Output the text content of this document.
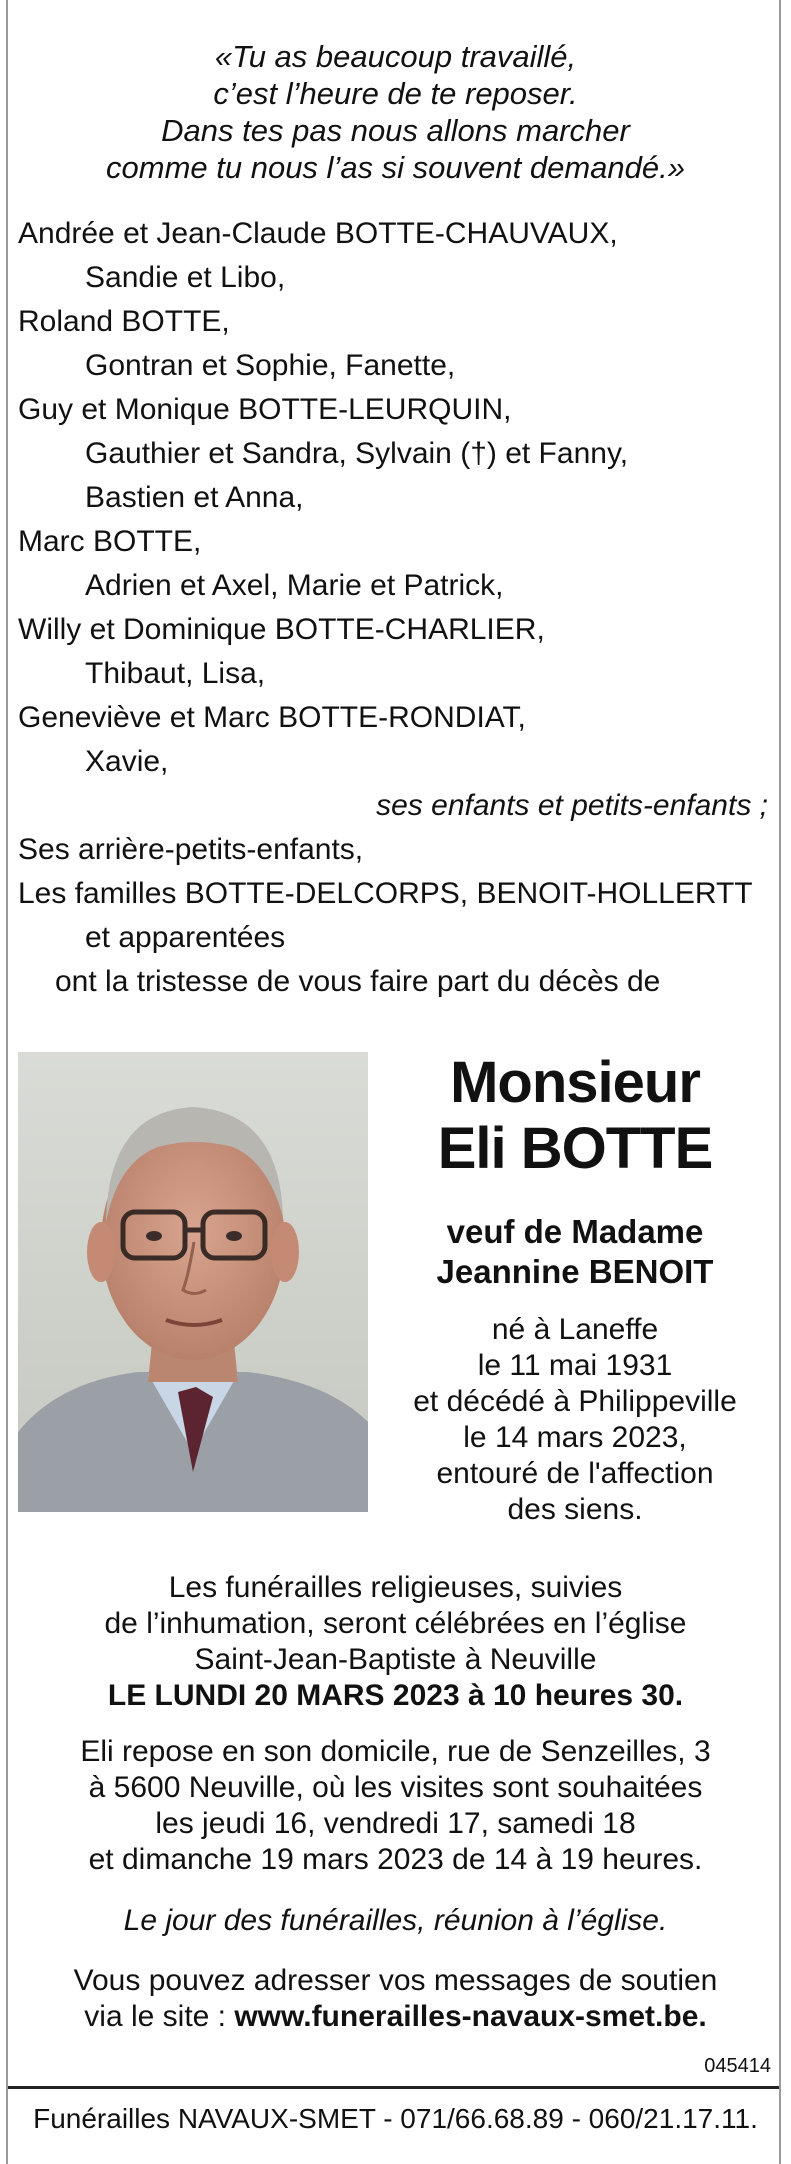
«Tu as beaucoup travaillé,
c’est l’heure de te reposer.
Dans tes pas nous allons marcher
comme tu nous l’as si souvent demandé.»
Andrée et Jean-Claude BOTTE-CHAUVAUX,
Sandie et Libo,
Roland BOTTE,
Gontran et Sophie, Fanette,
Guy et Monique BOTTE-LEURQUIN,
Gauthier et Sandra, Sylvain (†) et Fanny,
Bastien et Anna,
Marc BOTTE,
Adrien et Axel, Marie et Patrick,
Willy et Dominique BOTTE-CHARLIER,
Thibaut, Lisa,
Geneviève et Marc BOTTE-RONDIAT,
Xavie,
ses enfants et petits-enfants ;
Ses arrière-petits-enfants,
Les familles BOTTE-DELCORPS, BENOIT-HOLLERTT
et apparentées
ont la tristesse de vous faire part du décès de
Monsieur
Eli BOTTE
veuf de Madame
Jeannine BENOIT
né à Laneffe
le 11 mai 1931
et décédé à Philippeville
le 14 mars 2023,
entouré de l'affection
des siens.
Les funérailles religieuses, suivies
de l’inhumation, seront célébrées en l’église
Saint-Jean-Baptiste à Neuville
LE LUNDI 20 MARS 2023 à 10 heures 30.
Eli repose en son domicile, rue de Senzeilles, 3
à 5600 Neuville, où les visites sont souhaitées
les jeudi 16, vendredi 17, samedi 18
et dimanche 19 mars 2023 de 14 à 19 heures.
Le jour des funérailles, réunion à l’église.
Vous pouvez adresser vos messages de soutien
via le site : www.funerailles-navaux-smet.be.
045414
Funérailles NAVAUX-SMET - 071/66.68.89 - 060/21.17.11.
